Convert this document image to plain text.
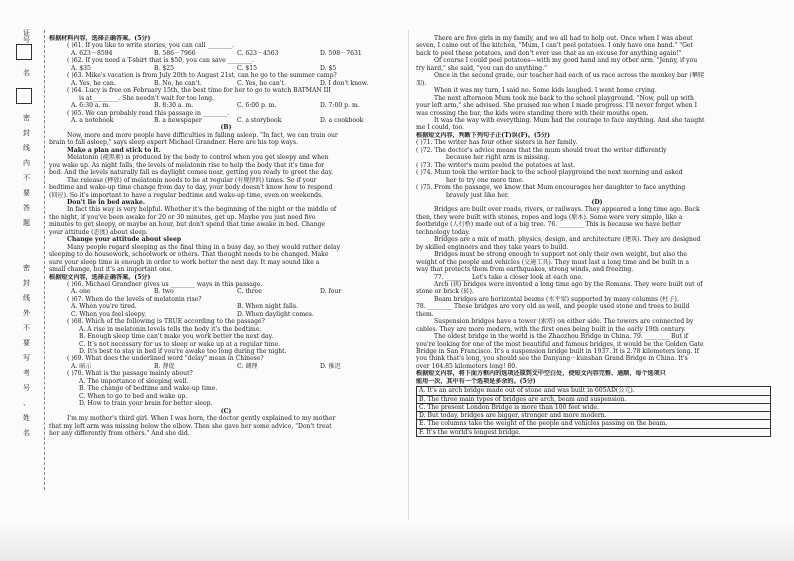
证号
名
密
封
线
内
不
要
答
题
密
封
线
外
不
要
写
考
号
、
姓
名

根据材料内容，选择正确答案。(5分)

( )61. If you like to write stories, you can call ________.

A. 623－8594	B. 586－7966	C. 623－4563	D. 598－7631

( )62. If you need a T-shirt that is $50, you can save ________.

A. $35	B. $25	C. $15	D. $5

( )63. Mike's vacation is from July 20th to August 21st, can he go to the summer camp?

A. Yes, he can.	B. No, he can't.	C. Yes, he can't.	D. I don't know.

( )64. Lucy is free on February 15th, the best time for her to go to watch BATMAN III

is at ________. She needn't wait for too long.

A. 6:30 a. m.	B. 8:30 a. m.	C. 6:00 p. m.	D. 7:00 p. m.

( )65. We can probably read this passage in ________.

A. a notebook	B. a newspaper	C. a storybook	D. a cookbook

(B)

Now, more and more people have difficulties in falling asleep. "In fact, we can train our

brain to fall asleep," says sleep expert Michael Grandner. Here are his top ways.

Make a plan and stick to it.

Melatonin (褪黑素) is produced by the body to control when you get sleepy and when

you wake up. As night falls, the levels of melatonin rise to help the body that it's time for

bed. And the levels naturally fall as daylight comes near, getting you ready to greet the day.

The release (释放) of melatonin needs to be at regular (有规律的) times. So if your

bedtime and wake-up time change from day to day, your body doesn't know how to respond

(回应). So it's important to have a regular bedtime and wake-up time, even on weekends.

Don't lie in bed awake.

In fact this way is very helpful. Whether it's the beginning of the night or the middle of

the night, if you've been awake for 20 or 30 minutes, get up. Maybe you just need five

minutes to get sleepy, or maybe an hour, but don't spend that time awake in bed. Change

your attitude (态度) about sleep.

Change your attitude about sleep

Many people regard sleeping as the final thing in a busy day, so they would rather delay

sleeping to do housework, schoolwork or others. That thought needs to be changed. Make

sure your sleep time is enough in order to work better the next day. It may sound like a

small change, but it's an important one.

根据短文内容，选择正确答案。(5分)

( )66. Michael Grandner gives us ________ ways in this passage.

A. one	B. two	C. three	D. four

( )67. When do the levels of melatonin rise?

A. When you're tired.	B. When night falls.
C. When you feel sleepy.	D. When daylight comes.

( )68. Which of the following is TRUE according to the passage?

A. A rise in melatonin levels tells the body it's the bedtime.

B. Enough sleep time can't make you work better the next day.

C. It's not necessary for us to sleep or wake up at a regular time.

D. It's best to stay in bed if you're awake too long during the night.

( )69. What does the underlined word "delay" mean in Chinese?

A. 暗示	B. 督促	C. 调理	D. 推迟

( )70. What is the passage mainly about?

A. The importance of sleeping well.

B. The change of bedtime and wake-up time.

C. When to go to bed and wake up.

D. How to train your brain for better sleep.

(C)

I'm my mother's third girl. When I was born, the doctor gently explained to my mother

that my left arm was missing below the elbow. Then she gave her some advice, "Don't treat

her any differently from others." And she did.

There are five girls in my family, and we all had to help out. Once when I was about

seven, I came out of the kitchen, "Mum, I can't peel potatoes. I only have one hand." "Get

back to peel these potatoes, and don't ever use that as an excuse for anything again!"

Of course I could peel potatoes—with my good hand and my other arm. "Jenny, if you

try hard," she said, "you can do anything."

Once in the second grade, our teacher had each of us race across the monkey bar (攀爬

架).

When it was my turn, I said no. Some kids laughed. I went home crying.

The next afternoon Mum took me back to the school playground. "Now, pull up with

your left arm," she advised. She praised me when I made progress. I'll never forget when I

was crossing the bar, the kids were standing there with their mouths open.

It was the way with everything. Mum had the courage to face anything. And she taught

me I could, too.

根据短文内容，判断下列句子正(T)误(F)。(5分)

( )71. The writer has four other sisters in her family.

( )72. The doctor's advice means that the mum should treat the writer differently

because her right arm is missing.

( )73. The writer's mum peeled the potatoes at last.

( )74. Mum took the writer back to the school playground the next morning and asked

her to try one more time.

( )75. From the passage, we know that Mum encourages her daughter to face anything

bravely just like her.

(D)

Bridges are built over roads, rivers, or railways. They appeared a long time ago. Back

then, they were built with stones, ropes and logs (原木). Some were very simple, like a

footbridge (人行桥) made out of a big tree. 76. ________ This is because we have better

technology today.

Bridges are a mix of math, physics, design, and architecture (建筑). They are designed

by skilled engineers and they take years to build.

Bridges must be strong enough to support not only their own weight, but also the

weight of the people and vehicles (交通工具). They must last a long time and be built in a

way that protects them from earthquakes, strong winds, and freezing.

77. ________ Let's take a closer look at each one.

Arch (拱) bridges were invented a long time ago by the Romans. They were built out of

stone or brick (砖).

Beam bridges are horizontal beams (水平梁) supported by many columns (柱子).

78. ________ These bridges are very old as well, and people used stone and trees to build

them.

Suspension bridges have a tower (索塔) on either side. The towers are connected by

cables. They are more modern, with the first ones being built in the early 19th century.

The oldest bridge in the world is the Zhaozhou Bridge in China. 79. ________ But if

you're looking for one of the most beautiful and famous bridges, it would be the Golden Gate

Bridge in San Francisco. It's a suspension bridge built in 1937. It is 2.78 kilometers long. If

you think that's long, you should see the Danyang－kunshan Grand Bridge in China. It's

over 164.85 kilometers long! 80. ________

根据短文内容，将下面方框内的选项还原到文中空白处，使短文内容完整、通顺，每个选项只

能用一次，其中有一个选项是多余的。(5分)

A. It's an arch bridge made out of stone and was built in 605AD(公元).
B. The three main types of bridges are arch, beam and suspension.
C. The present London Bridge is more than 100 feet wide.
D. But today, bridges are bigger, stronger and more modern.
E. The columns take the weight of the people and vehicles passing on the beam.
F. It's the world's longest bridge.
